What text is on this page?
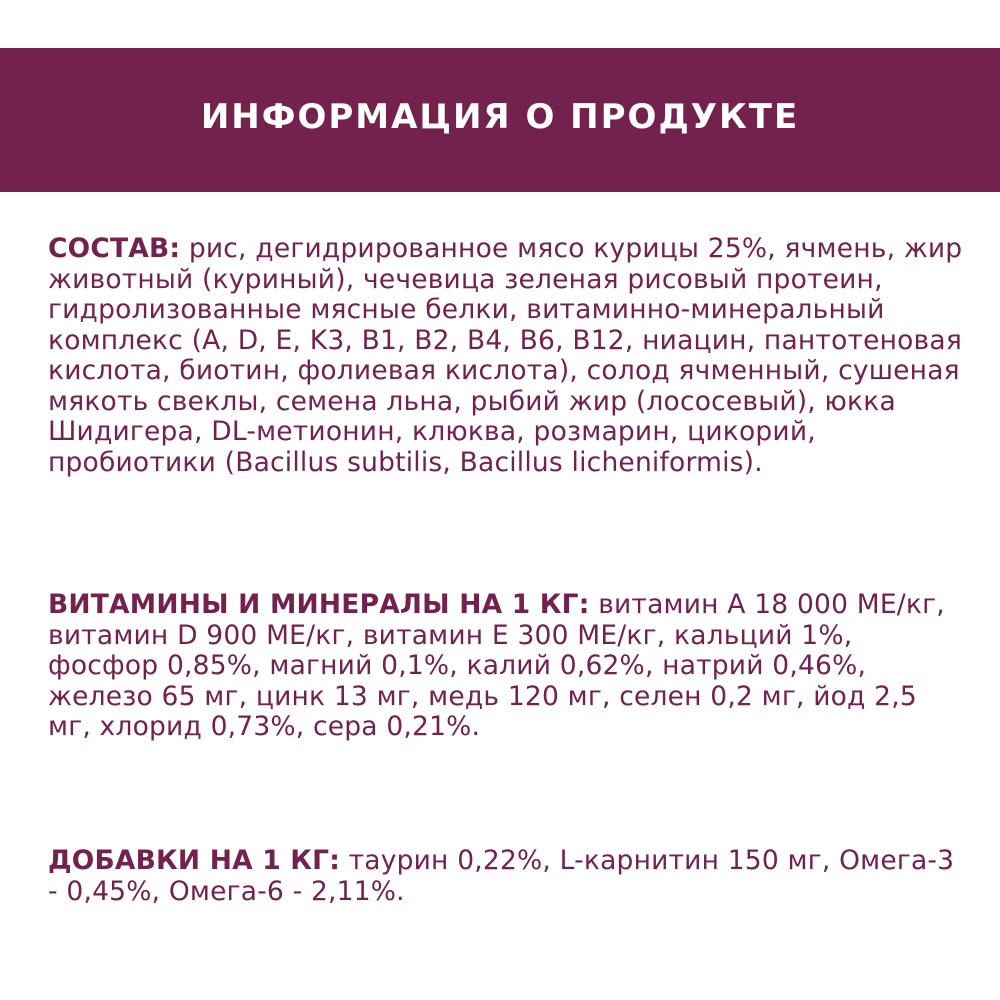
ИНФОРМАЦИЯ О ПРОДУКТЕ

СОСТАВ: рис, дегидрированное мясо курицы 25%, ячмень, жир животный (куриный), чечевица зеленая рисовый протеин, гидролизованные мясные белки, витаминно-минеральный комплекс (A, D, E, K3, B1, B2, B4, B6, B12, ниацин, пантотеновая кислота, биотин, фолиевая кислота), солод ячменный, сушеная мякоть свеклы, семена льна, рыбий жир (лососевый), юкка Шидигера, DL-метионин, клюква, розмарин, цикорий, пробиотики (Bacillus subtilis, Bacillus licheniformis).

ВИТАМИНЫ И МИНЕРАЛЫ НА 1 КГ: витамин A 18 000 МЕ/кг, витамин D 900 МЕ/кг, витамин E 300 МЕ/кг, кальций 1%, фосфор 0,85%, магний 0,1%, калий 0,62%, натрий 0,46%, железо 65 мг, цинк 13 мг, медь 120 мг, селен 0,2 мг, йод 2,5 мг, хлорид 0,73%, сера 0,21%.

ДОБАВКИ НА 1 КГ: таурин 0,22%, L-карнитин 150 мг, Омега-3 - 0,45%, Омега-6 - 2,11%.
